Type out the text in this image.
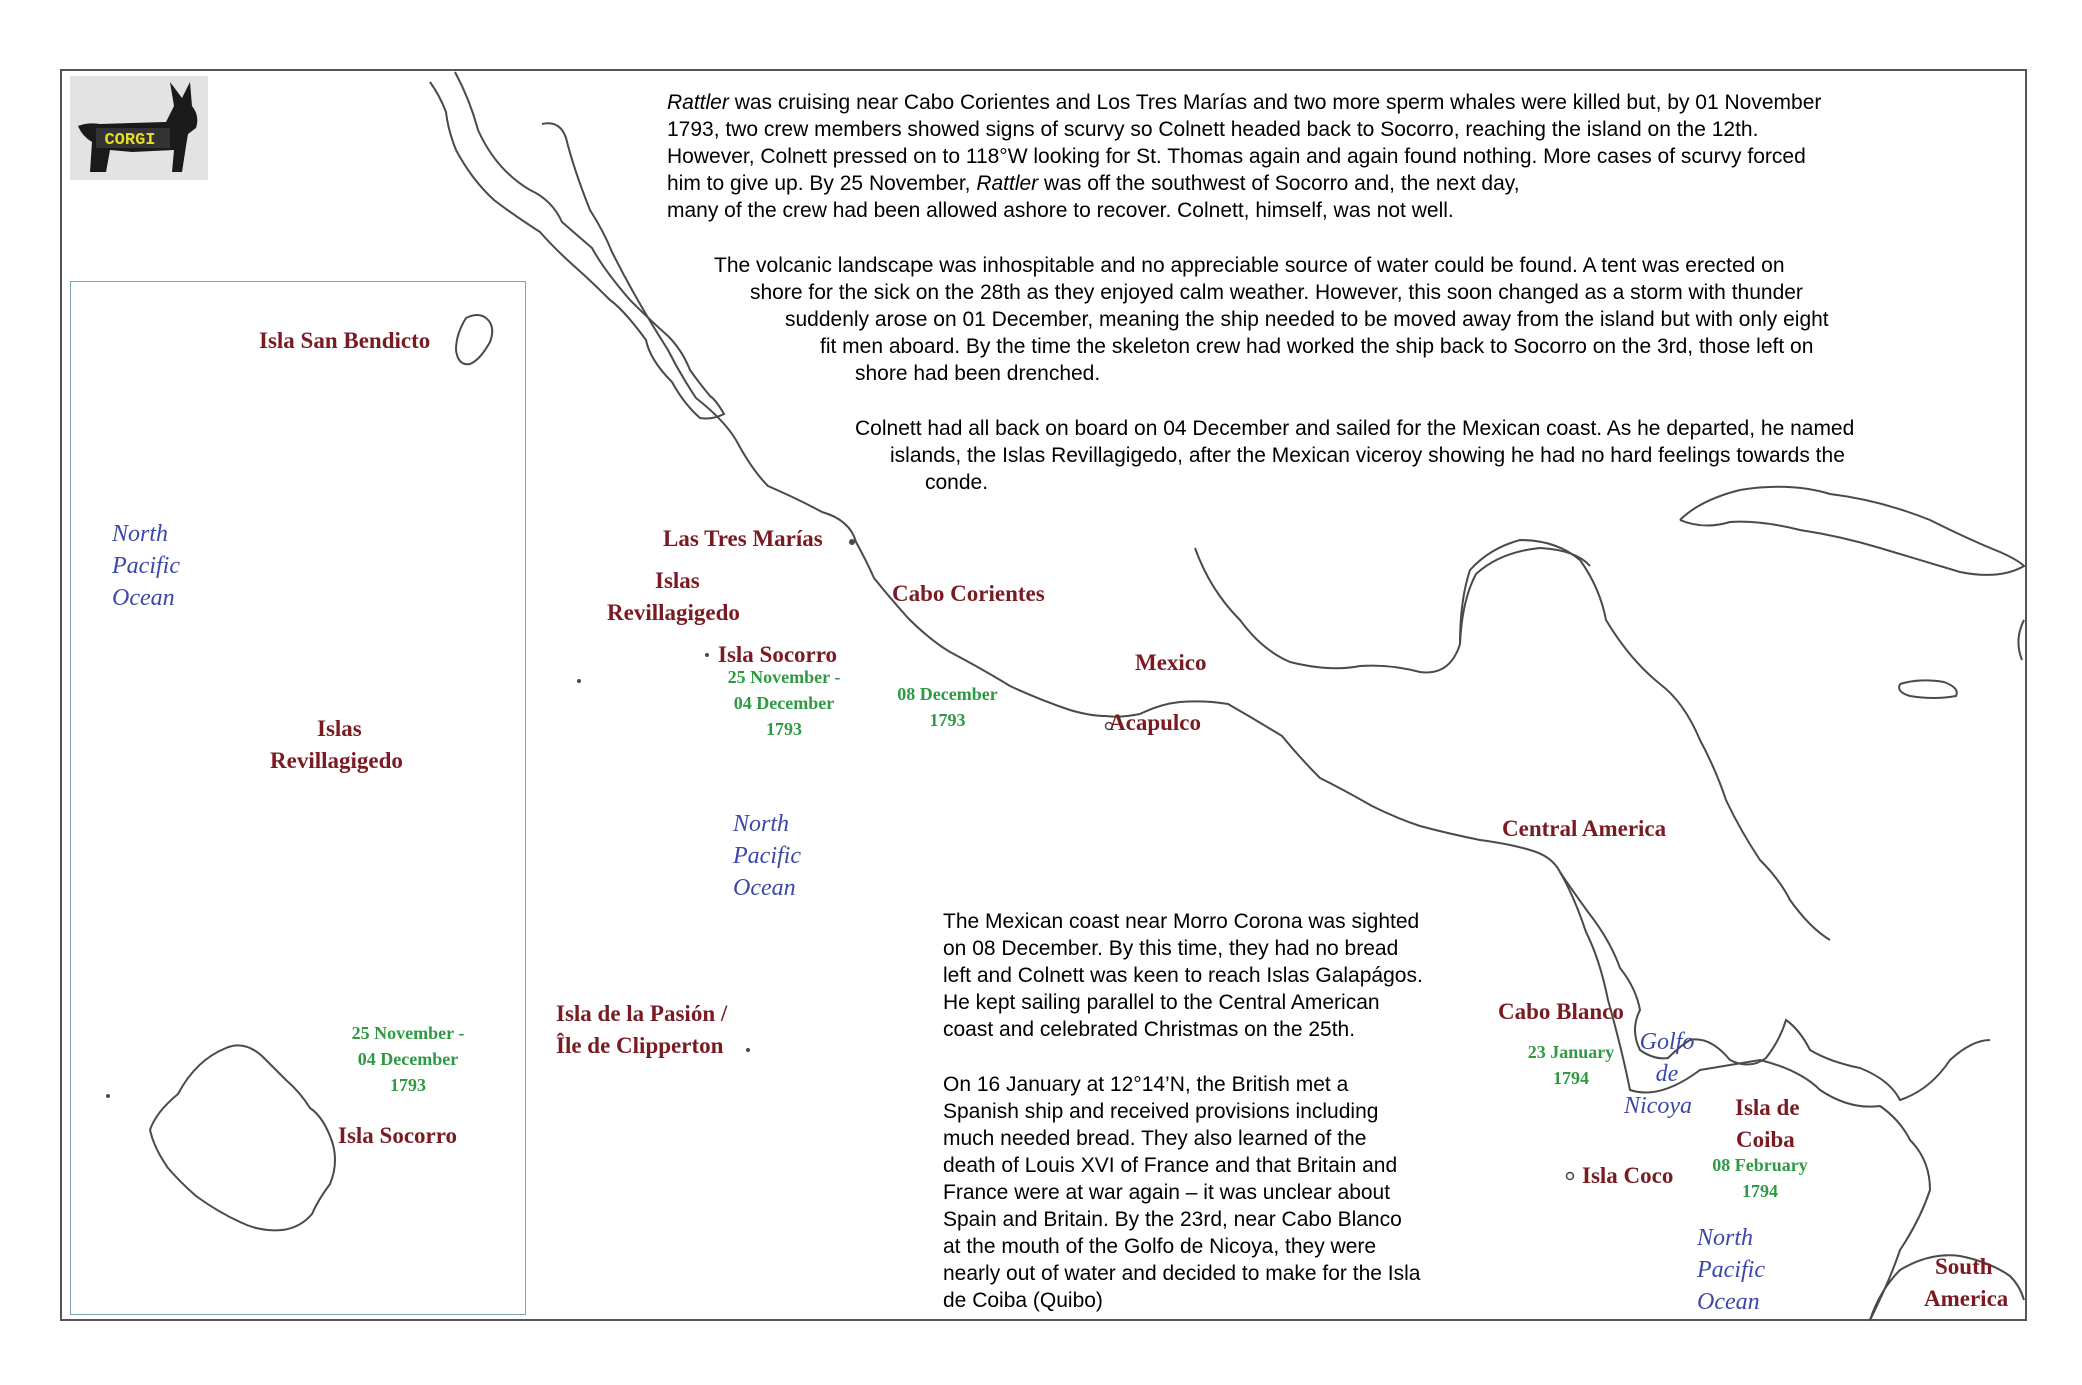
CORGI

Rattler was cruising near Cabo Corientes and Los Tres Marías and two more sperm whales were killed but, by 01 November

1793, two crew members showed signs of scurvy so Colnett headed back to Socorro, reaching the island on the 12th.

However, Colnett pressed on to 118°W looking for St. Thomas again and again found nothing. More cases of scurvy forced

him to give up. By 25 November, Rattler was off the southwest of Socorro and, the next day,

many of the crew had been allowed ashore to recover. Colnett, himself, was not well.

The volcanic landscape was inhospitable and no appreciable source of water could be found. A tent was erected on

shore for the sick on the 28th as they enjoyed calm weather. However, this soon changed as a storm with thunder

suddenly arose on 01 December, meaning the ship needed to be moved away from the island but with only eight

fit men aboard. By the time the skeleton crew had worked the ship back to Socorro on the 3rd, those left on

shore had been drenched.

Colnett had all back on board on 04 December and sailed for the Mexican coast. As he departed, he named

islands, the Islas Revillagigedo, after the Mexican viceroy showing he had no hard feelings towards the

conde.

The Mexican coast near Morro Corona was sighted

on 08 December. By this time, they had no bread

left and Colnett was keen to reach Islas Galapágos.

He kept sailing parallel to the Central American

coast and celebrated Christmas on the 25th.

On 16 January at 12°14’N, the British met a

Spanish ship and received provisions including

much needed bread. They also learned of the

death of Louis XVI of France and that Britain and

France were at war again – it was unclear about

Spain and Britain. By the 23rd, near Cabo Blanco

at the mouth of the Golfo de Nicoya, they were

nearly out of water and decided to make for the Isla

de Coiba (Quibo)

Isla San Bendicto
Las Tres Marías
Islas
Revillagigedo
Isla Socorro
Cabo Corientes
Mexico
Acapulco
Islas
Revillagigedo
Central America
Isla de la Pasión /
Île de Clipperton
Cabo Blanco
Isla de
Coiba
Isla Coco
Isla Socorro
South
America
North
Pacific
Ocean
North
Pacific
Ocean
North
Pacific
Ocean
Golfo
de
Nicoya
25 November -
04 December
1793
08 December
1793
25 November -
04 December
1793
23 January
1794
08 February
1794
